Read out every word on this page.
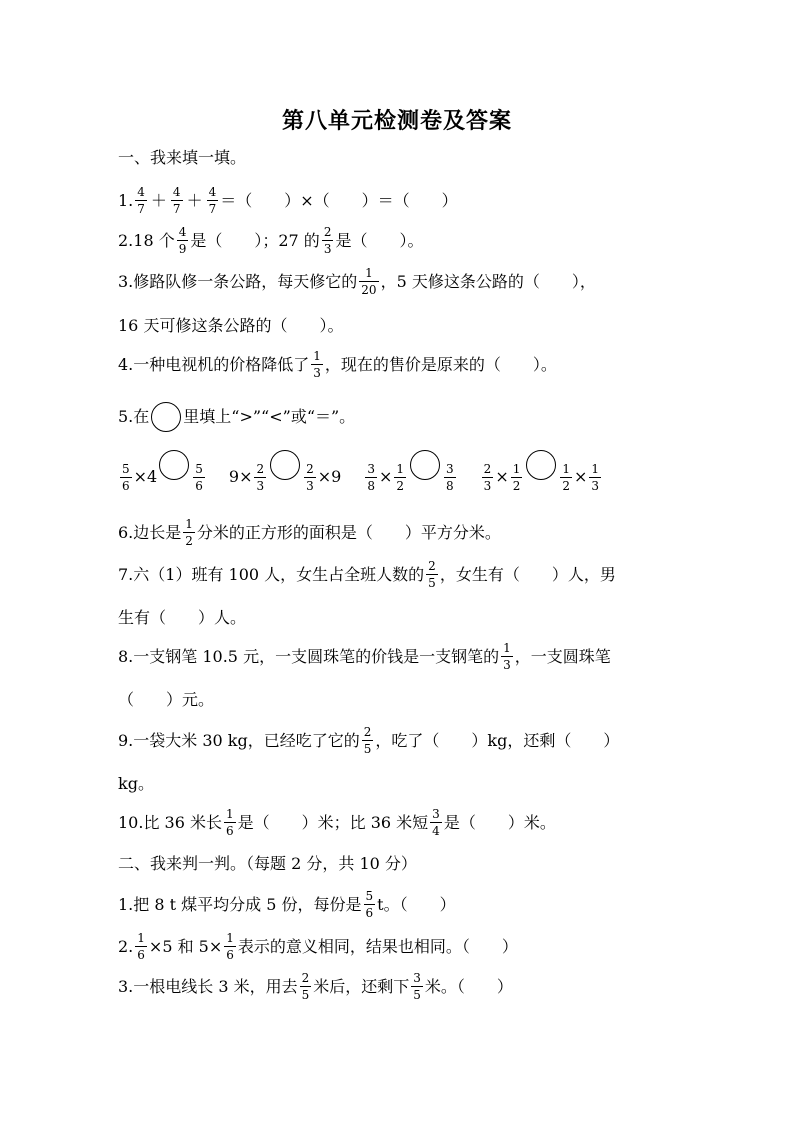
第八单元检测卷及答案
一、我来填一填。
1. $\frac{4}{7} + \frac{4}{7} + \frac{4}{7}$ ＝（　　）×（　　）＝（　　）
2.18 个 $\frac{4}{9}$ 是（　　）；27 的 $\frac{2}{3}$ 是（　　）。
3.修路队修一条公路，每天修它的 $\frac{1}{20}$ ，5 天修这条公路的（　　），
16 天可修这条公路的（　　）。
4.一种电视机的价格降低了 $\frac{1}{3}$ ，现在的售价是原来的（　　）。
5.在 里填上“>”“<”或“＝”。
$\frac{5}{6} \times 4$	$\frac{5}{6} 9 \times \frac{2}{3}$	$\frac{2}{3} \times 9 \frac{3}{8} \times \frac{1}{2}$	$\frac{3}{8} \frac{2}{3} \times \frac{1}{2}$	$\frac{1}{2} \times \frac{1}{3}$
6.边长是 $\frac{1}{2}$ 分米的正方形的面积是（　　）平方分米。
7.六（1）班有 100 人，女生占全班人数的 $\frac{2}{5}$ ，女生有（　　）人，男
生有（　　）人。
8.一支钢笔 10.5 元，一支圆珠笔的价钱是一支钢笔的 $\frac{1}{3}$ ，一支圆珠笔
（　　）元。
9.一袋大米 30 kg，已经吃了它的 $\frac{2}{5}$ ，吃了（　　）kg，还剩（　　）
kg。
10.比 36 米长 $\frac{1}{6}$ 是（　　）米；比 36 米短 $\frac{3}{4}$ 是（　　）米。
二、我来判一判。（每题 2 分，共 10 分）
1.把 8 t 煤平均分成 5 份，每份是 $\frac{5}{6}$ t。（　　）
2. $\frac{1}{6} \times 5$ 和 $5\times \frac{1}{6}$ 表示的意义相同，结果也相同。（　　）
3.一根电线长 3 米，用去 $\frac{2}{5}$ 米后，还剩下 $\frac{3}{5}$ 米。（　　）
